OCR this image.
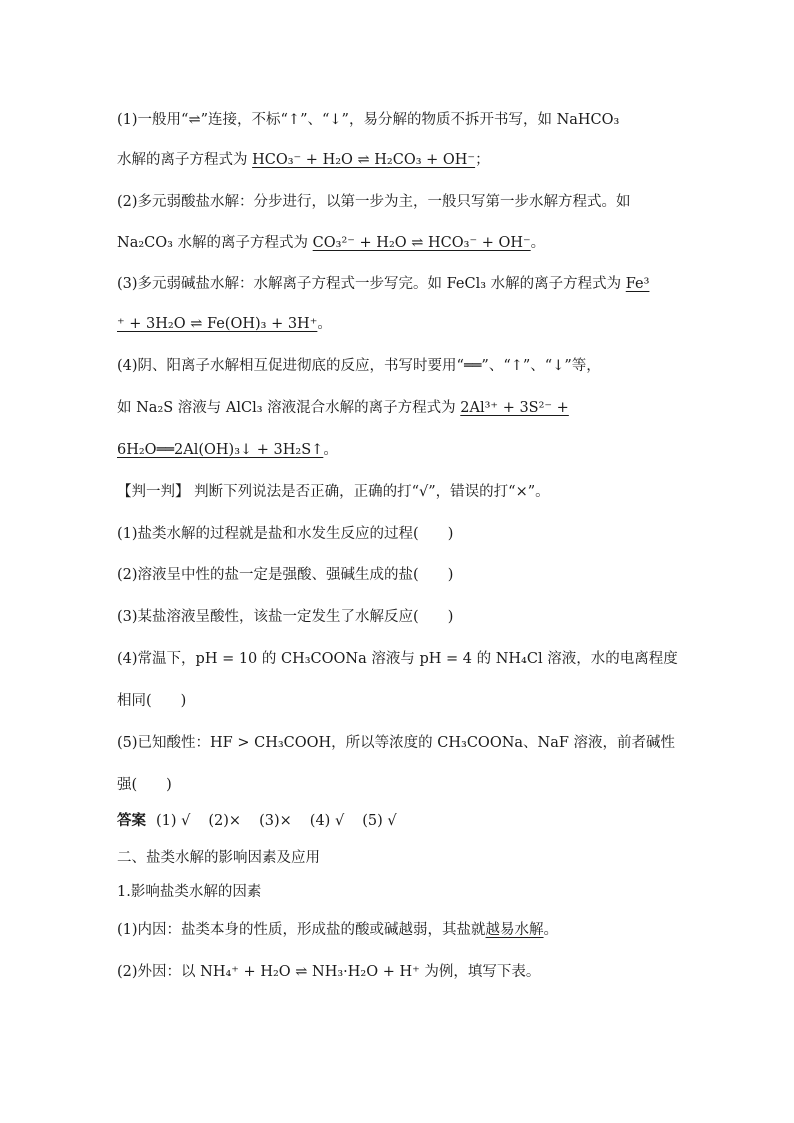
(1)一般用“⇌”连接，不标“↑”、“↓”，易分解的物质不拆开书写，如 NaHCO₃
水解的离子方程式为 HCO₃⁻ + H₂O ⇌ H₂CO₃ + OH⁻；
(2)多元弱酸盐水解：分步进行，以第一步为主，一般只写第一步水解方程式。如
Na₂CO₃ 水解的离子方程式为 CO₃²⁻ + H₂O ⇌ HCO₃⁻ + OH⁻。
(3)多元弱碱盐水解：水解离子方程式一步写完。如 FeCl₃ 水解的离子方程式为 Fe³
⁺ + 3H₂O ⇌ Fe(OH)₃ + 3H⁺。
(4)阴、阳离子水解相互促进彻底的反应，书写时要用“══”、“↑”、“↓”等，
如 Na₂S 溶液与 AlCl₃ 溶液混合水解的离子方程式为 2Al³⁺ + 3S²⁻ +
6H₂O══2Al(OH)₃↓ + 3H₂S↑。
【判一判】 判断下列说法是否正确，正确的打“√”，错误的打“×”。
(1)盐类水解的过程就是盐和水发生反应的过程(　　)
(2)溶液呈中性的盐一定是强酸、强碱生成的盐(　　)
(3)某盐溶液呈酸性，该盐一定发生了水解反应(　　)
(4)常温下，pH = 10 的 CH₃COONa 溶液与 pH = 4 的 NH₄Cl 溶液，水的电离程度
相同(　　)
(5)已知酸性：HF > CH₃COOH，所以等浓度的 CH₃COONa、NaF 溶液，前者碱性
强(　　)
答案 (1) √ (2)× (3)× (4) √ (5) √
二、盐类水解的影响因素及应用
1.影响盐类水解的因素
(1)内因：盐类本身的性质，形成盐的酸或碱越弱，其盐就越易水解。
(2)外因：以 NH₄⁺ + H₂O ⇌ NH₃·H₂O + H⁺ 为例，填写下表。
